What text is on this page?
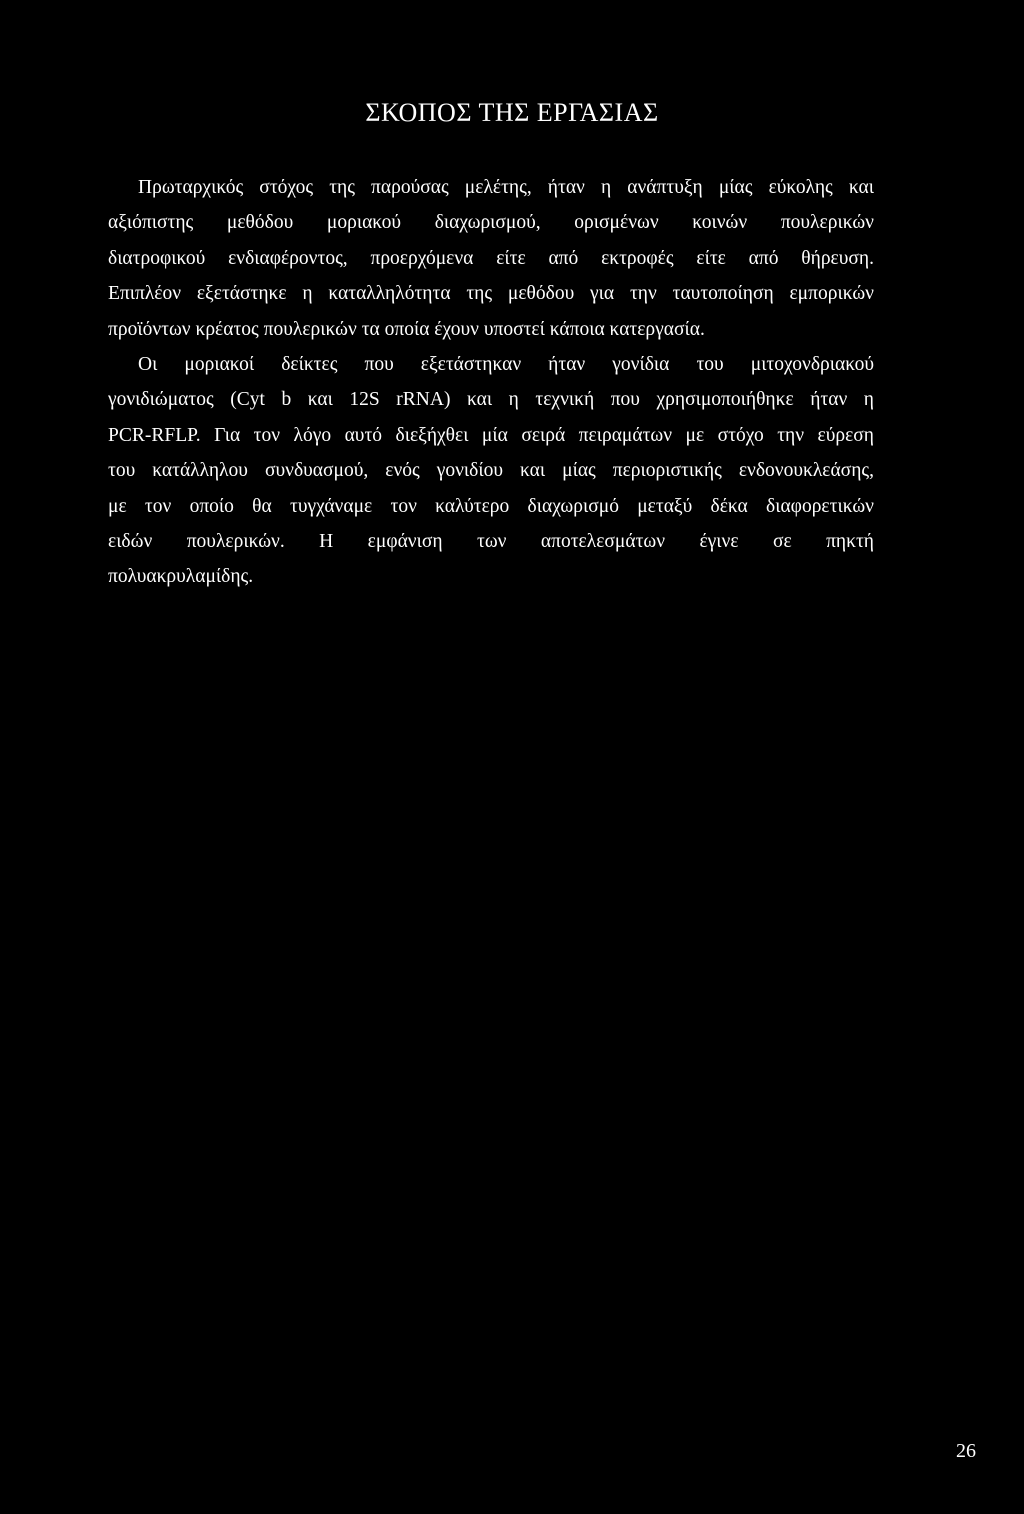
ΣΚΟΠΟΣ ΤΗΣ ΕΡΓΑΣΙΑΣ
Πρωταρχικός στόχος της παρούσας μελέτης, ήταν η ανάπτυξη μίας εύκολης και
αξιόπιστης μεθόδου μοριακού διαχωρισμού, ορισμένων κοινών πουλερικών
διατροφικού ενδιαφέροντος, προερχόμενα είτε από εκτροφές είτε από θήρευση.
Επιπλέον εξετάστηκε η καταλληλότητα της μεθόδου για την ταυτοποίηση εμπορικών
προϊόντων κρέατος πουλερικών τα οποία έχουν υποστεί κάποια κατεργασία.
Οι μοριακοί δείκτες που εξετάστηκαν ήταν γονίδια του μιτοχονδριακού
γονιδιώματος (Cyt b και 12S rRNA) και η τεχνική που χρησιμοποιήθηκε ήταν η
PCR-RFLP. Για τον λόγο αυτό διεξήχθει μία σειρά πειραμάτων με στόχο την εύρεση
του κατάλληλου συνδυασμού, ενός γονιδίου και μίας περιοριστικής ενδονουκλεάσης,
με τον οποίο θα τυγχάναμε τον καλύτερο διαχωρισμό μεταξύ δέκα διαφορετικών
ειδών πουλερικών. Η εμφάνιση των αποτελεσμάτων έγινε σε πηκτή
πολυακρυλαμίδης.
26
